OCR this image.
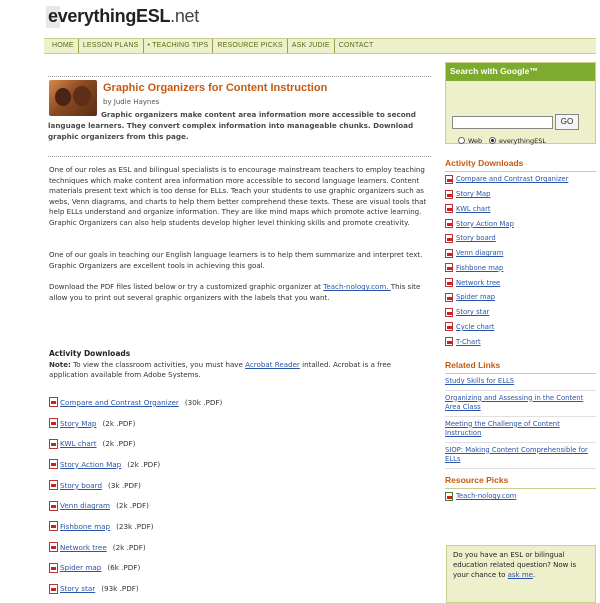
everythingESL.net
HOME	LESSON PLANS	• TEACHING TIPS	RESOURCE PICKS	ASK JUDIE	CONTACT
Graphic Organizers for Content Instruction
by Judie Haynes
Graphic organizers make content area information more accessible to second
language learners. They convert complex information into manageable chunks. Download graphic organizers from this page.
One of our roles as ESL and bilingual specialists is to encourage mainstream teachers to employ teaching techniques which make content area information more accessible to second language learners. Content materials present text which is too dense for ELLs. Teach your students to use graphic organizers such as webs, Venn diagrams, and charts to help them better comprehend these texts. These are visual tools that help ELLs understand and organize information. They are like mind maps which promote active learning. Graphic Organizers can also help students develop higher level thinking skills and promote creativity.
One of our goals in teaching our English language learners is to help them summarize and interpret text. Graphic Organizers are excellent tools in achieving this goal.
Download the PDF files listed below or try a customized graphic organizer at Teach-nology.com. This site allow you to print out several graphic organizers with the labels that you want.
Activity Downloads
Note: To view the classroom activities, you must have Acrobat Reader intalled. Acrobat is a free application available from Adobe Systems.
Compare and Contrast Organizer (30k .PDF)
Story Map (2k .PDF)
KWL chart (2k .PDF)
Story Action Map (2k .PDF)
Story board (3k .PDF)
Venn diagram (2k .PDF)
Fishbone map (23k .PDF)
Network tree (2k .PDF)
Spider map (6k .PDF)
Story star (93k .PDF)
Search with Google™
GO
Web	everythingESL
Activity Downloads
Compare and Contrast Organizer
Story Map
KWL chart
Story Action Map
Story board
Venn diagram
Fishbone map
Network tree
Spider map
Story star
Cycle chart
T-Chart
Related Links
Study Skills for ELLS
Organizing and Assessing in the Content Area Class
Meeting the Challenge of Content Instruction
SIOP: Making Content Comprehensible for ELLs
Resource Picks
Teach-nology.com
Do you have an ESL or bilingual education related question? Now is your chance to ask me.
